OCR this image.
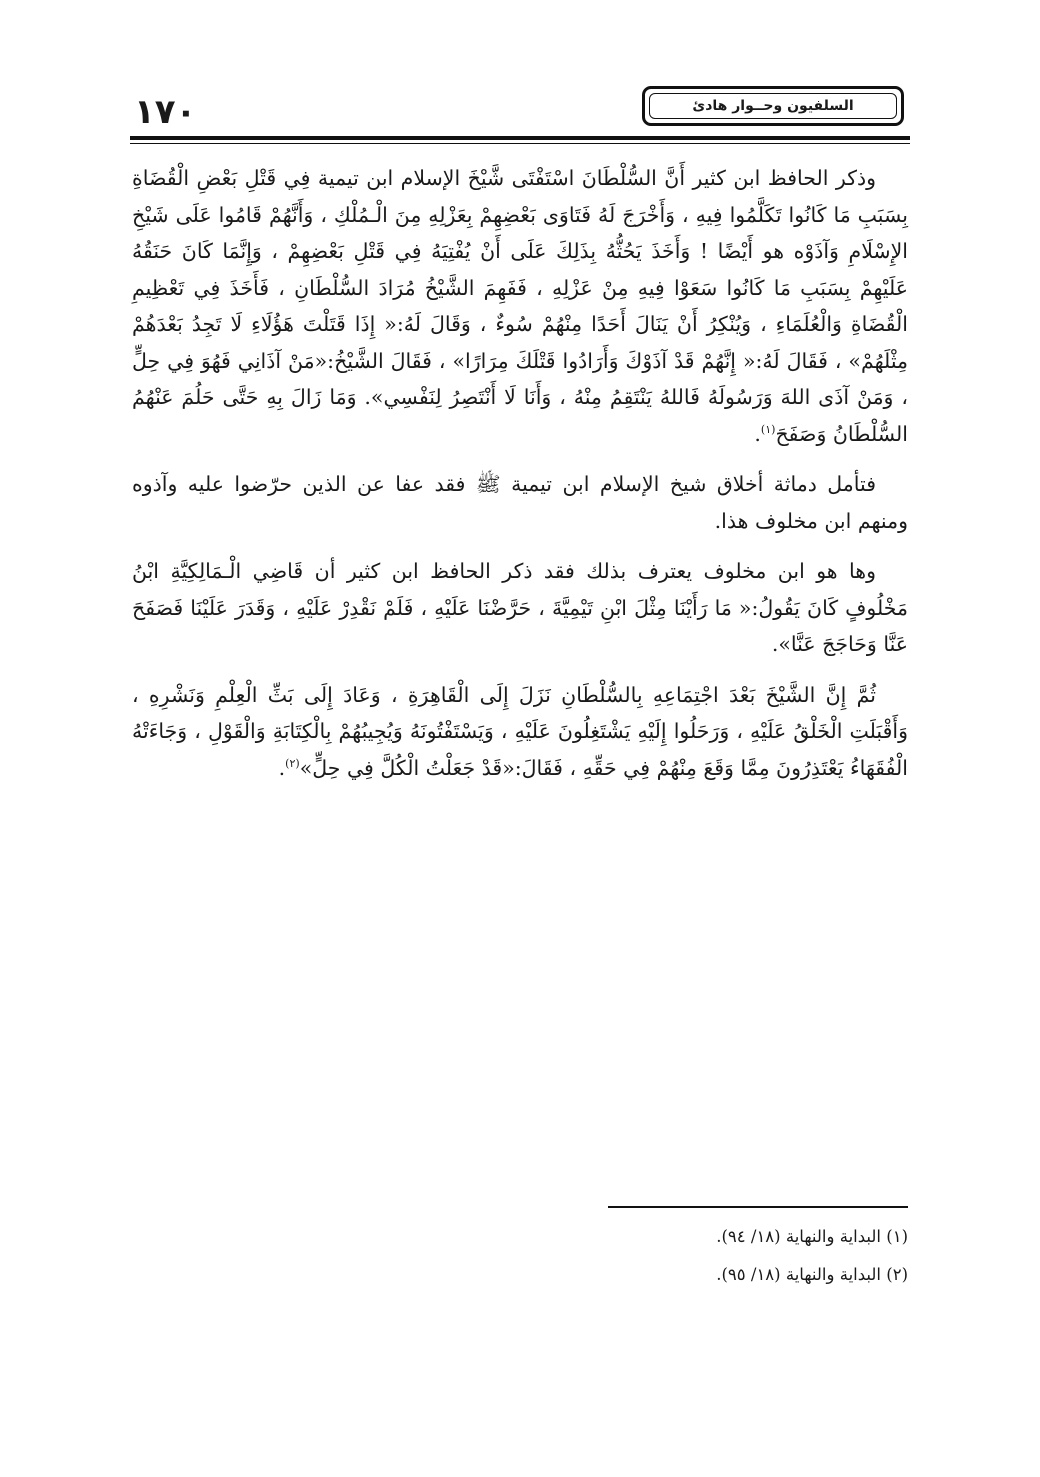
السلفيون وحــوار هادئ
١٧٠

وذكر الحافظ ابن كثير أَنَّ السُّلْطَانَ اسْتَفْتَى شَّيْخَ الإسلام ابن تيمية فِي قَتْلِ بَعْضِ الْقُضَاةِ بِسَبَبِ مَا كَانُوا تَكَلَّمُوا فِيهِ ، وَأَخْرَجَ لَهُ فَتَاوَى بَعْضِهِمْ بِعَزْلِهِ مِنَ الْـمُلْكِ ، وَأَنَّهُمْ قَامُوا عَلَى شَيْخِ الإِسْلَامِ وَآذَوْه هو أَيْضًا ! وَأَخَذَ يَحُثُّهُ بِذَلِكَ عَلَى أَنْ يُفْتِيَهُ فِي قَتْلِ بَعْضِهِمْ ، وَإِنَّمَا كَانَ حَنَقُهُ عَلَيْهِمْ بِسَبَبِ مَا كَانُوا سَعَوْا فِيهِ مِنْ عَزْلِهِ ، فَفَهِمَ الشَّيْخُ مُرَادَ السُّلْطَانِ ، فَأَخَذَ فِي تَعْظِيمِ الْقُضَاةِ وَالْعُلَمَاءِ ، وَيُنْكِرُ أَنْ يَنَالَ أَحَدًا مِنْهُمْ سُوءٌ ، وَقَالَ لَهُ:« إِذَا قَتَلْتَ هَؤُلَاءِ لَا تَجِدُ بَعْدَهُمْ مِثْلَهُمْ» ، فَقَالَ لَهُ:« إِنَّهُمْ قَدْ آذَوْكَ وَأَرَادُوا قَتْلَكَ مِرَارًا» ، فَقَالَ الشَّيْخُ:«مَنْ آذَانِي فَهُوَ فِي حِلٍّ ، وَمَنْ آذَى اللهَ وَرَسُولَهُ فَاللهُ يَنْتَقِمُ مِنْهُ ، وَأَنَا لَا أَنْتَصِرُ لِنَفْسِي». وَمَا زَالَ بِهِ حَتَّى حَلُمَ عَنْهُمُ السُّلْطَانُ وَصَفَحَ$^{(١)}$.

فتأمل دماثة أخلاق شيخ الإسلام ابن تيمية ﷺ فقد عفا عن الذين حرّضوا عليه وآذوه ومنهم ابن مخلوف هذا.

وها هو ابن مخلوف يعترف بذلك فقد ذكر الحافظ ابن كثير أن قَاضِي الْـمَالِكِيَّةِ ابْنُ مَخْلُوفٍ كَانَ يَقُولُ:« مَا رَأَيْنَا مِثْلَ ابْنِ تَيْمِيَّةَ ، حَرَّضْنَا عَلَيْهِ ، فَلَمْ نَقْدِرْ عَلَيْهِ ، وَقَدَرَ عَلَيْنَا فَصَفَحَ عَنَّا وَحَاجَجَ عَنَّا».

ثُمَّ إِنَّ الشَّيْخَ بَعْدَ اجْتِمَاعِهِ بِالسُّلْطَانِ نَزَلَ إِلَى الْقَاهِرَةِ ، وَعَادَ إِلَى بَثِّ الْعِلْمِ وَنَشْرِهِ ، وَأَقْبَلَتِ الْخَلْقُ عَلَيْهِ ، وَرَحَلُوا إِلَيْهِ يَشْتَغِلُونَ عَلَيْهِ ، وَيَسْتَفْتُونَهُ وَيُجِيبُهُمْ بِالْكِتَابَةِ وَالْقَوْلِ ، وَجَاءَتْهُ الْفُقَهَاءُ يَعْتَذِرُونَ مِمَّا وَقَعَ مِنْهُمْ فِي حَقِّهِ ، فَقَالَ:«قَدْ جَعَلْتُ الْكُلَّ فِي حِلٍّ»$^{(٢)}$.

(١) البداية والنهاية (١٨/ ٩٤).

(٢) البداية والنهاية (١٨/ ٩٥).
